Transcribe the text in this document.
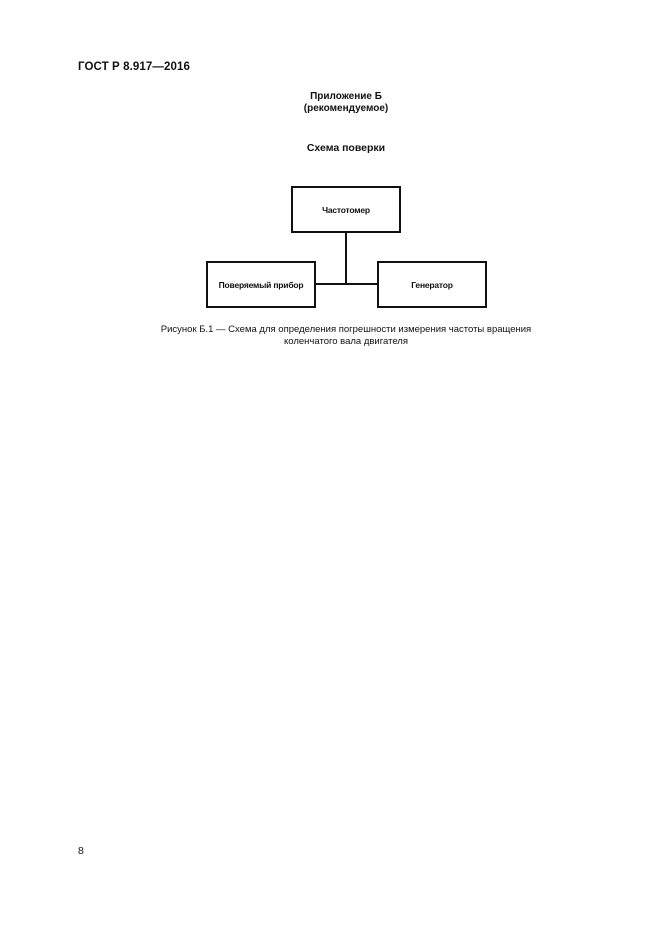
ГОСТ Р 8.917—2016
Приложение Б
(рекомендуемое)
Схема поверки
Частотомер
Поверяемый прибор	Генератор
Рисунок Б.1 — Схема для определения погрешности измерения частоты вращения
коленчатого вала двигателя
8
